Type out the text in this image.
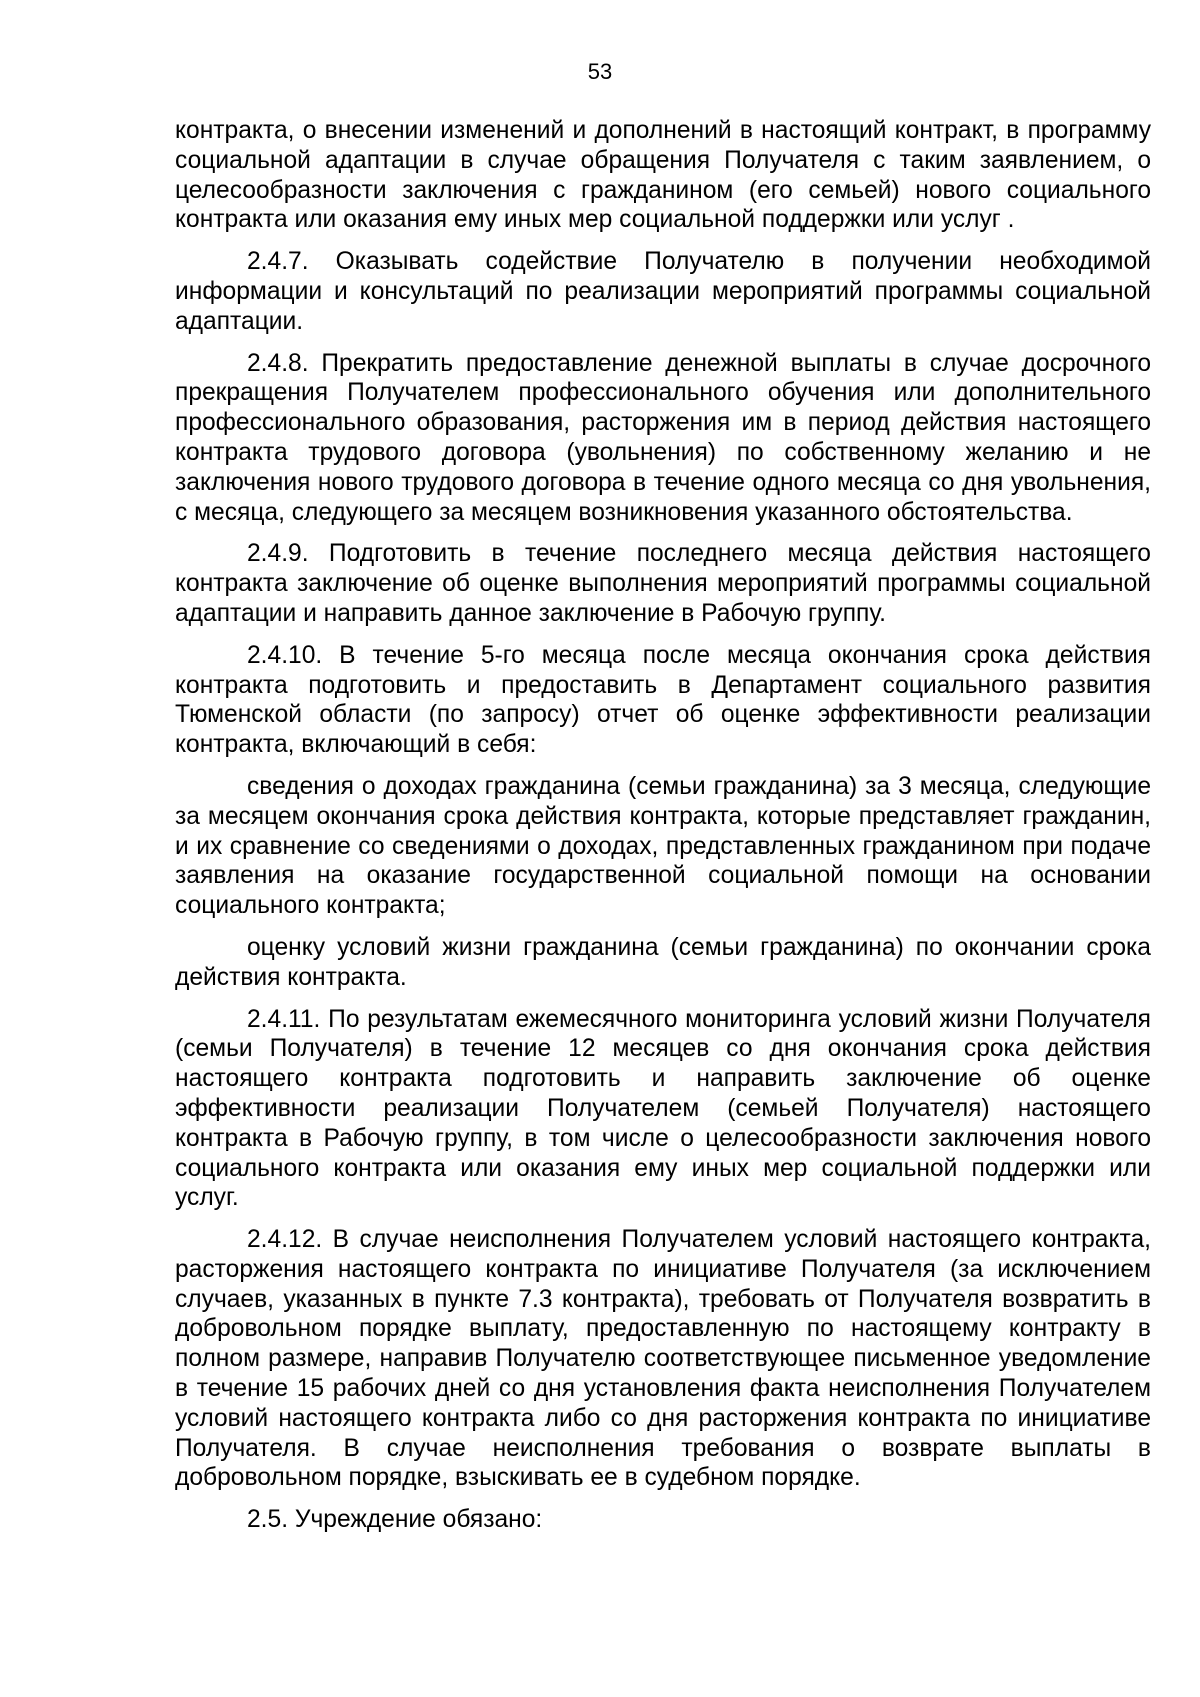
53

контракта, о внесении изменений и дополнений в настоящий контракт, в программу социальной адаптации в случае обращения Получателя с таким заявлением, о целесообразности заключения с гражданином (его семьей) нового социального контракта или оказания ему иных мер социальной поддержки или услуг .

2.4.7. Оказывать содействие Получателю в получении необходимой информации и консультаций по реализации мероприятий программы социальной адаптации.

2.4.8. Прекратить предоставление денежной выплаты в случае досрочного прекращения Получателем профессионального обучения или дополнительного профессионального образования, расторжения им в период действия настоящего контракта трудового договора (увольнения) по собственному желанию и не заключения нового трудового договора в течение одного месяца со дня увольнения, с месяца, следующего за месяцем возникновения указанного обстоятельства.

2.4.9. Подготовить в течение последнего месяца действия настоящего контракта заключение об оценке выполнения мероприятий программы социальной адаптации и направить данное заключение в Рабочую группу.

2.4.10. В течение 5-го месяца после месяца окончания срока действия контракта подготовить и предоставить в Департамент социального развития Тюменской области (по запросу) отчет об оценке эффективности реализации контракта, включающий в себя:

сведения о доходах гражданина (семьи гражданина) за 3 месяца, следующие за месяцем окончания срока действия контракта, которые представляет гражданин, и их сравнение со сведениями о доходах, представленных гражданином при подаче заявления на оказание государственной социальной помощи на основании социального контракта;

оценку условий жизни гражданина (семьи гражданина) по окончании срока действия контракта.

2.4.11. По результатам ежемесячного мониторинга условий жизни Получателя (семьи Получателя) в течение 12 месяцев со дня окончания срока действия настоящего контракта подготовить и направить заключение об оценке эффективности реализации Получателем (семьей Получателя) настоящего контракта в Рабочую группу, в том числе о целесообразности заключения нового социального контракта или оказания ему иных мер социальной поддержки или услуг.

2.4.12. В случае неисполнения Получателем условий настоящего контракта, расторжения настоящего контракта по инициативе Получателя (за исключением случаев, указанных в пункте 7.3 контракта), требовать от Получателя возвратить в добровольном порядке выплату, предоставленную по настоящему контракту в полном размере, направив Получателю соответствующее письменное уведомление в течение 15 рабочих дней со дня установления факта неисполнения Получателем условий настоящего контракта либо со дня расторжения контракта по инициативе Получателя. В случае неисполнения требования о возврате выплаты в добровольном порядке, взыскивать ее в судебном порядке.

2.5. Учреждение обязано:
